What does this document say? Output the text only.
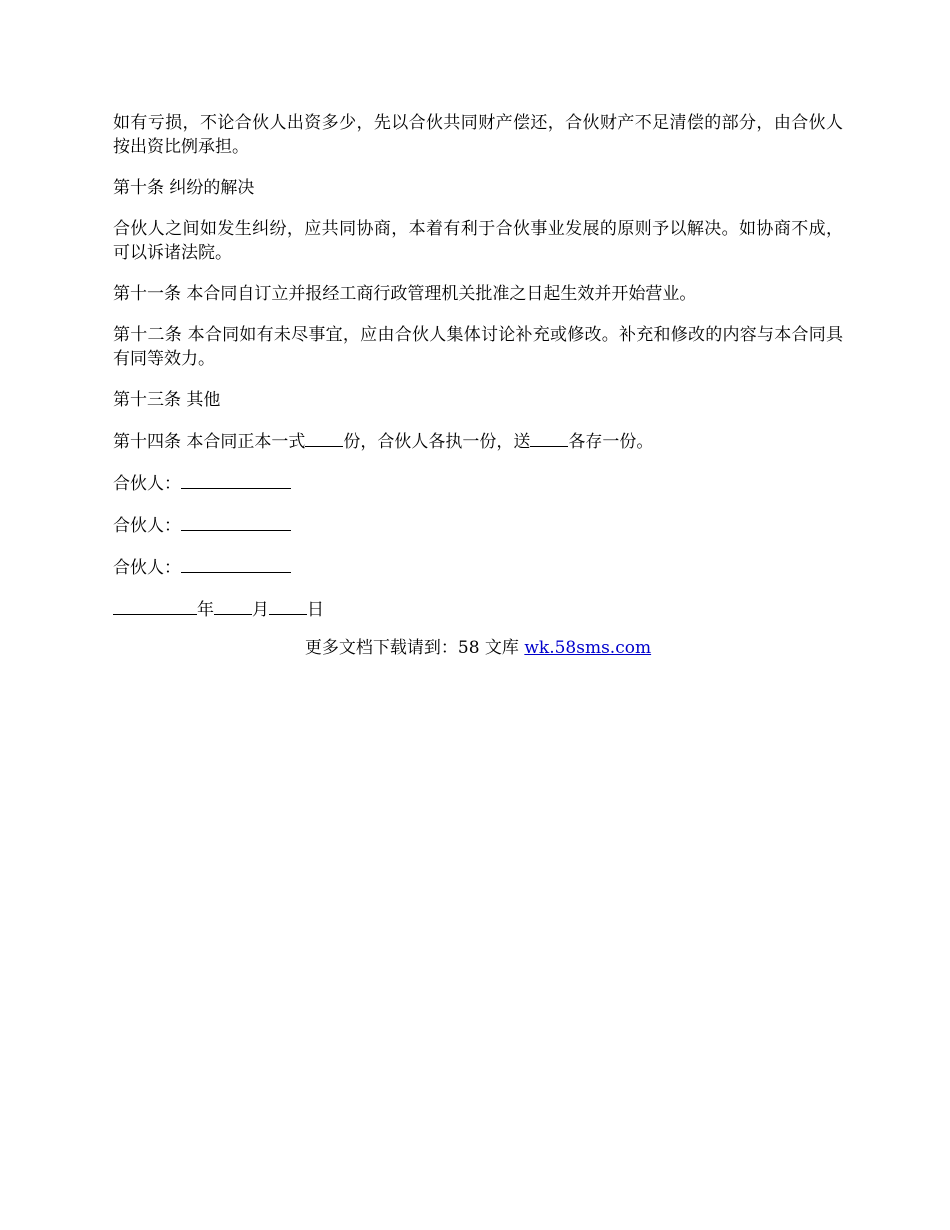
如有亏损，不论合伙人出资多少，先以合伙共同财产偿还，合伙财产不足清偿的部分，由合伙人按出资比例承担。

第十条 纠纷的解决

合伙人之间如发生纠纷，应共同协商，本着有利于合伙事业发展的原则予以解决。如协商不成，可以诉诸法院。

第十一条 本合同自订立并报经工商行政管理机关批准之日起生效并开始营业。

第十二条 本合同如有未尽事宜，应由合伙人集体讨论补充或修改。补充和修改的内容与本合同具有同等效力。

第十三条 其他

第十四条 本合同正本一式 份，合伙人各执一份，送 各存一份。

合伙人：

合伙人：

合伙人：

年 月 日

更多文档下载请到：58 文库 wk.58sms.com
